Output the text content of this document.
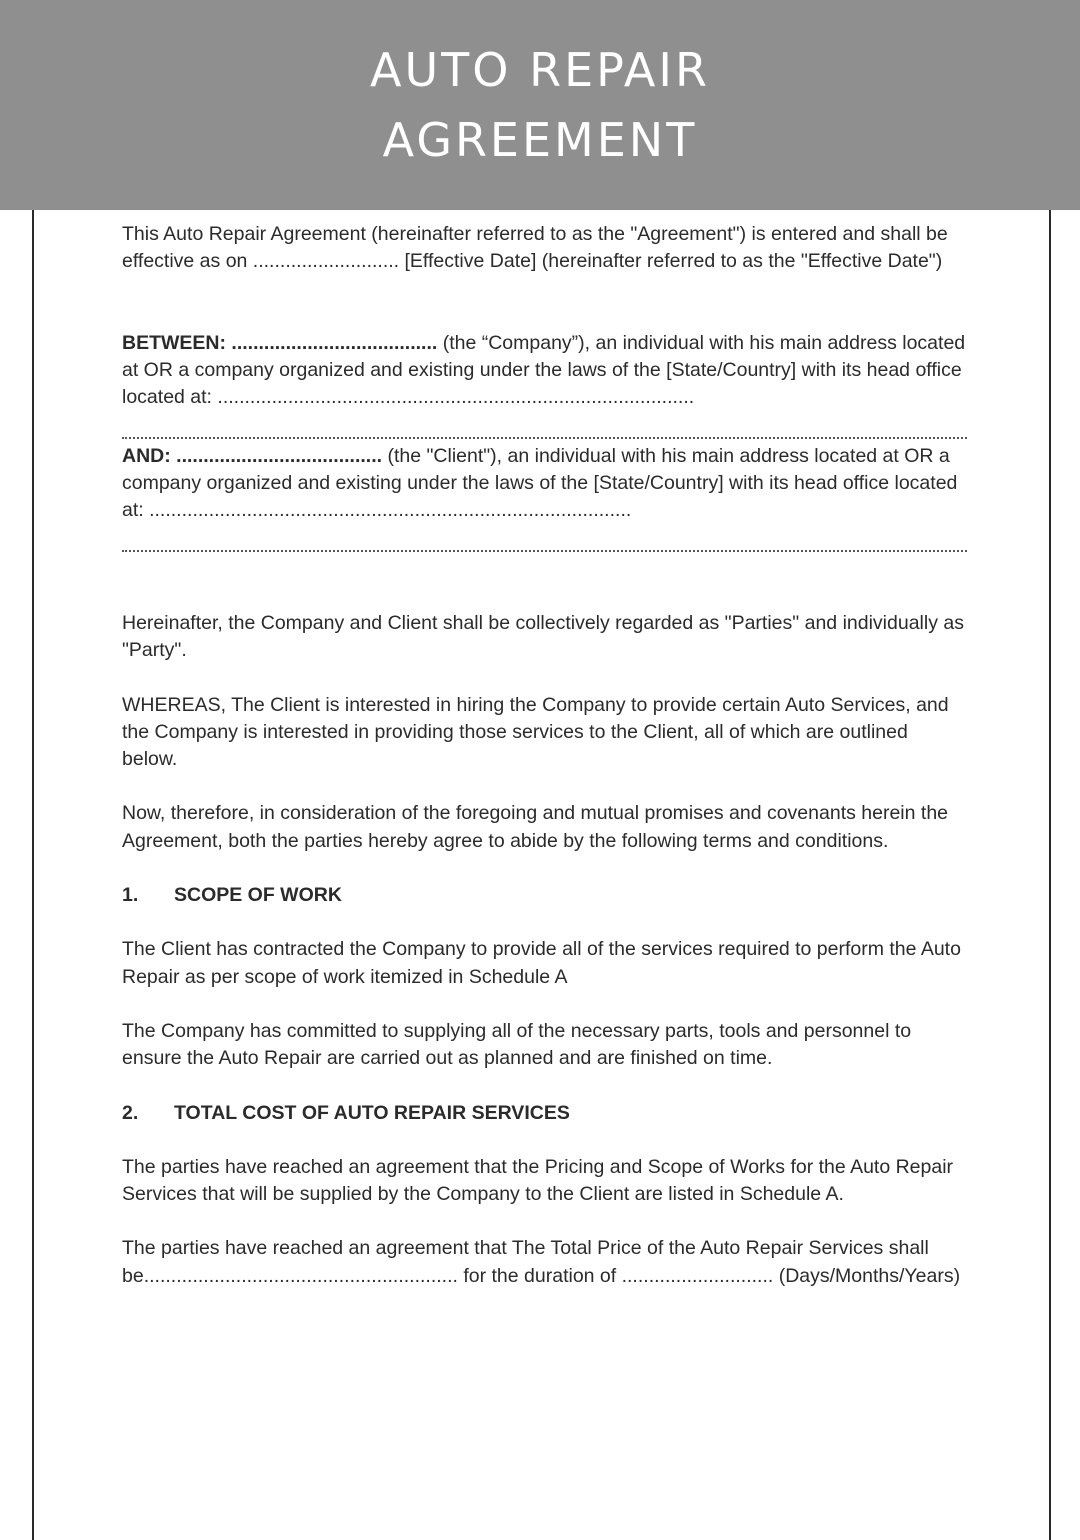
AUTO REPAIR
AGREEMENT

This Auto Repair Agreement (hereinafter referred to as the "Agreement") is entered and shall be effective as on ........................... [Effective Date] (hereinafter referred to as the "Effective Date")

BETWEEN: ...................................... (the “Company”), an individual with his main address located at OR a company organized and existing under the laws of the [State/Country] with its head office located at: ........................................................................................

AND: ...................................... (the "Client"), an individual with his main address located at OR a company organized and existing under the laws of the [State/Country] with its head office located at: .........................................................................................

Hereinafter, the Company and Client shall be collectively regarded as "Parties" and individually as "Party".

WHEREAS, The Client is interested in hiring the Company to provide certain Auto Services, and the Company is interested in providing those services to the Client, all of which are outlined below.

Now, therefore, in consideration of the foregoing and mutual promises and covenants herein the Agreement, both the parties hereby agree to abide by the following terms and conditions.

1. SCOPE OF WORK

The Client has contracted the Company to provide all of the services required to perform the Auto Repair as per scope of work itemized in Schedule A

The Company has committed to supplying all of the necessary parts, tools and personnel to ensure the Auto Repair are carried out as planned and are finished on time.

2. TOTAL COST OF AUTO REPAIR SERVICES

The parties have reached an agreement that the Pricing and Scope of Works for the Auto Repair Services that will be supplied by the Company to the Client are listed in Schedule A.

The parties have reached an agreement that The Total Price of the Auto Repair Services shall be.......................................................... for the duration of ............................ (Days/Months/Years)
